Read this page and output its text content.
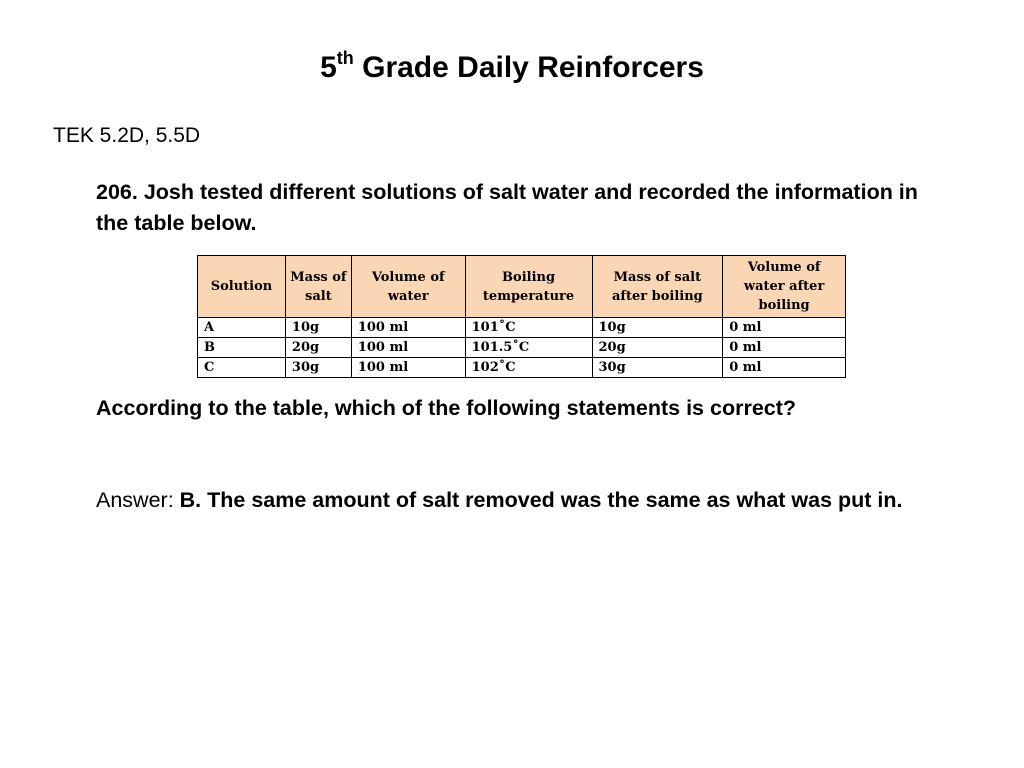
5th Grade Daily Reinforcers

TEK 5.2D, 5.5D

206. Josh tested different solutions of salt water and recorded the information in the table below.

Solution	Mass of salt	Volume of water	Boiling temperature	Mass of salt after boiling	Volume of water after boiling
A	10g	100 ml	101˚C	10g	0 ml
B	20g	100 ml	101.5˚C	20g	0 ml
C	30g	100 ml	102˚C	30g	0 ml

According to the table, which of the following statements is correct?

Answer: B. The same amount of salt removed was the same as what was put in.
